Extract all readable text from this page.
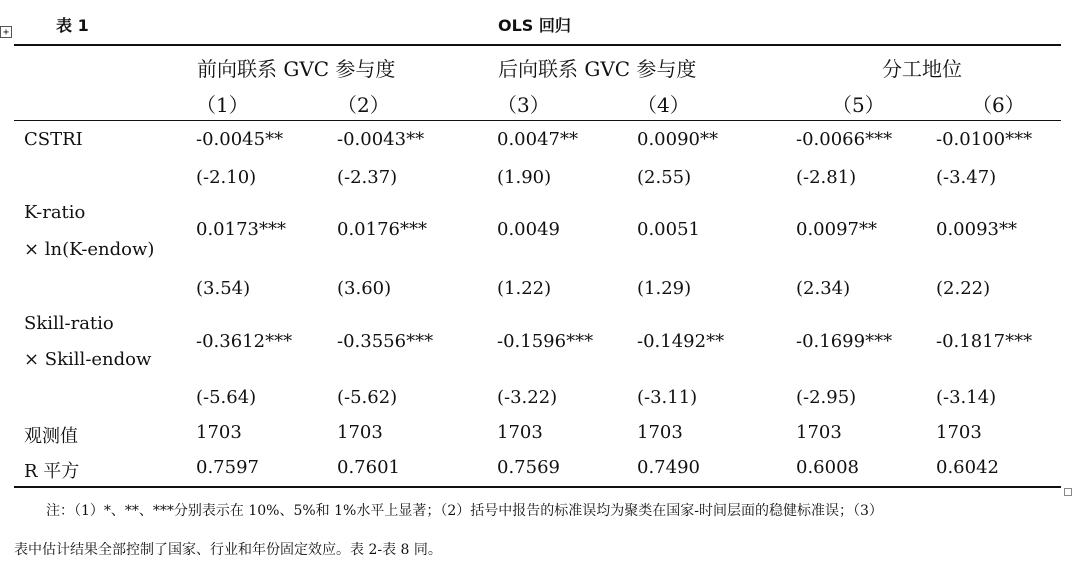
+	表 1	OLS 回归
前向联系 GVC 参与度	后向联系 GVC 参与度	分工地位
（1）	（2）	（3）	（4）	（5）	（6）
CSTRI	-0.0045**	-0.0043**	0.0047**	0.0090**	-0.0066*** -0.0100***
(-2.10)	(-2.37)	(1.90)	(2.55)	(-2.81)	(-3.47)
K-ratio
× ln(K-endow)
0.0173***	0.0176***	0.0049	0.0051	0.0097**	0.0093**
(3.54)	(3.60)	(1.22)	(1.29)	(2.34)	(2.22)
Skill-ratio
× Skill-endow
-0.3612*** -0.3556***	-0.1596*** -0.1492**	-0.1699*** -0.1817***
(-5.64)	(-5.62)	(-3.22)	(-3.11)	(-2.95)	(-3.14)
观测值	1703	1703	1703	1703	1703	1703
R 平方	0.7597	0.7601	0.7569	0.7490	0.6008	0.6042
注：（1）*、**、***分别表示在 10%、5%和 1%水平上显著；（2）括号中报告的标准误均为聚类在国家-时间层面的稳健标准误；（3）
表中估计结果全部控制了国家、行业和年份固定效应。表 2-表 8 同。
